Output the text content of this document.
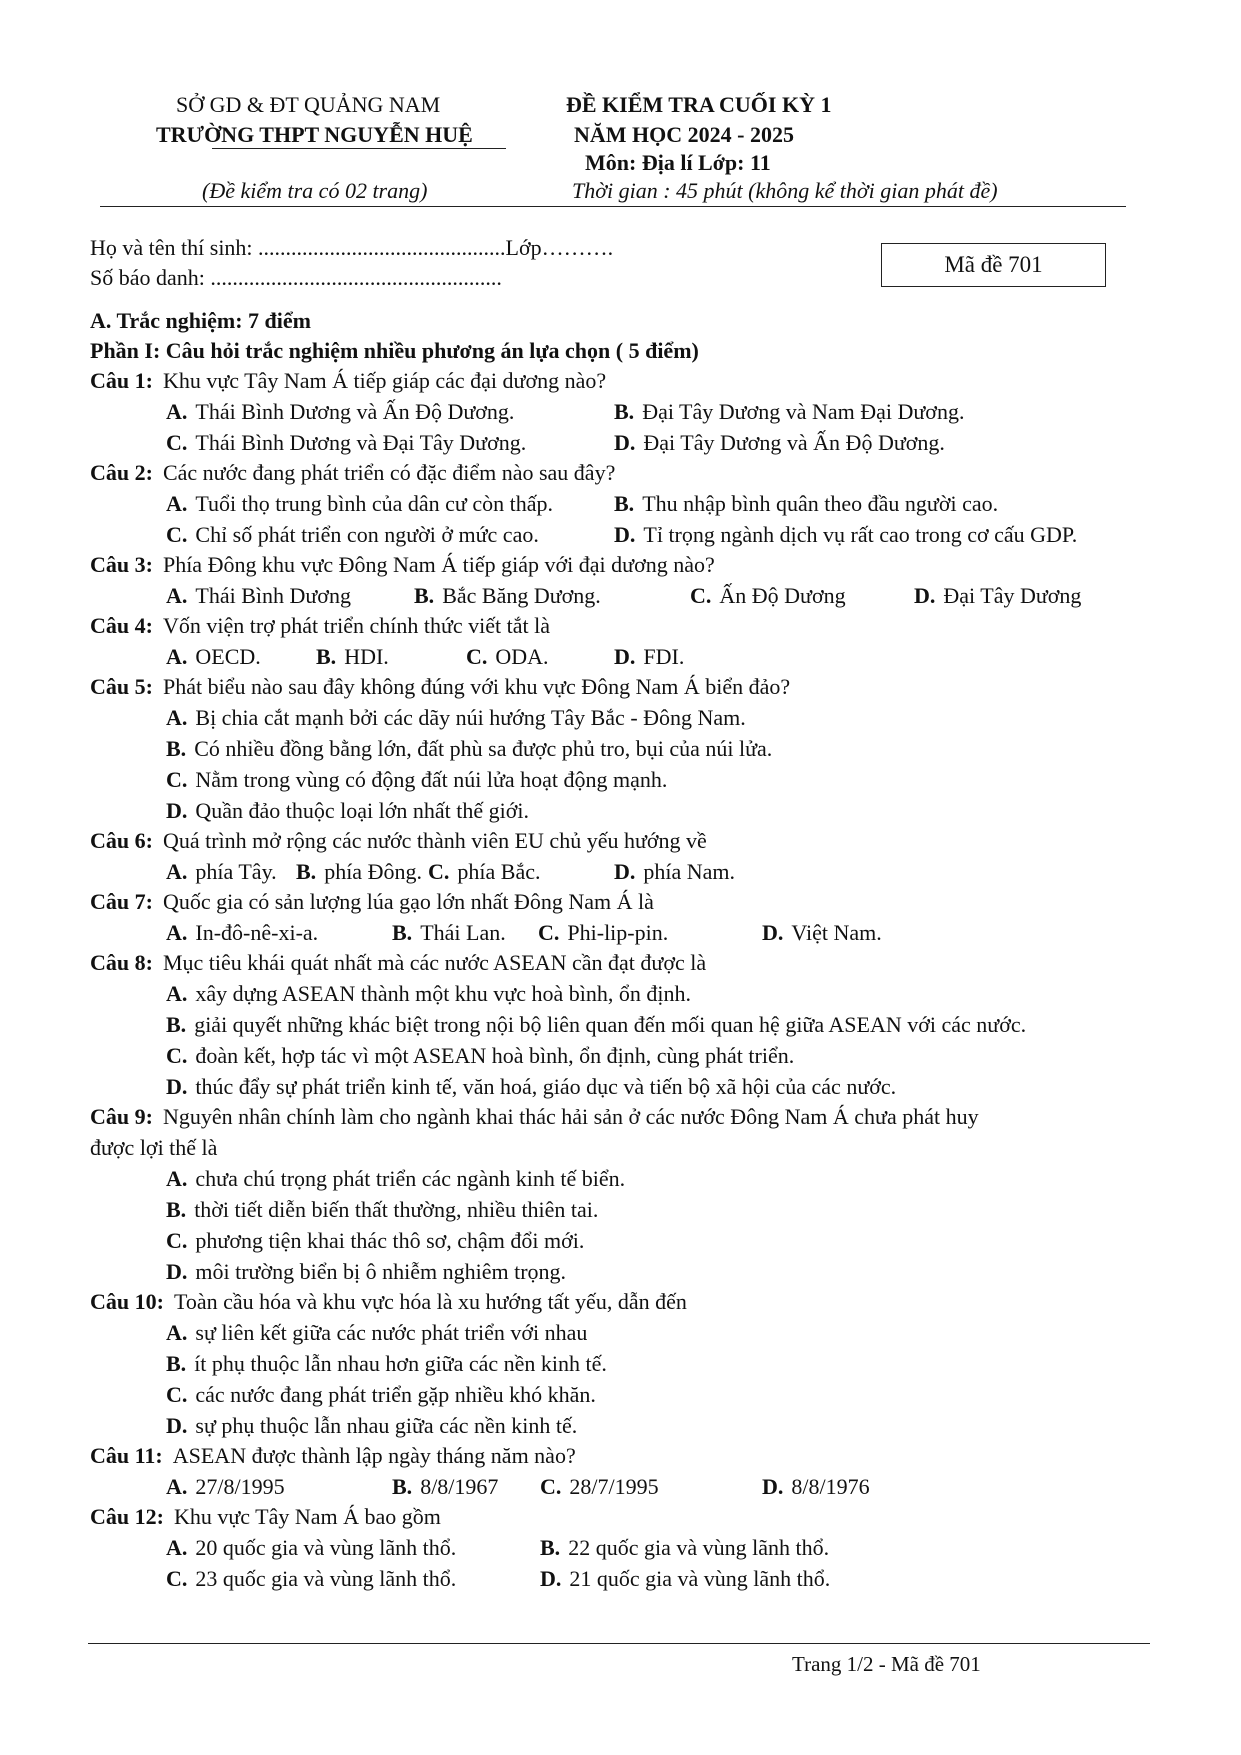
SỞ GD & ĐT QUẢNG NAM
TRƯỜNG THPT NGUYỄN HUỆ
(Đề kiểm tra có 02 trang)
ĐỀ KIỂM TRA CUỐI KỲ 1
NĂM HỌC 2024 - 2025
Môn: Địa lí Lớp: 11
Thời gian : 45 phút (không kể thời gian phát đề)
Họ và tên thí sinh: .............................................Lớp……….
Số báo danh: .....................................................
Mã đề 701
A. Trắc nghiệm: 7 điểm
Phần I: Câu hỏi trắc nghiệm nhiều phương án lựa chọn ( 5 điểm)
Câu 1: Khu vực Tây Nam Á tiếp giáp các đại dương nào?
A. Thái Bình Dương và Ấn Độ Dương.	B. Đại Tây Dương và Nam Đại Dương.
C. Thái Bình Dương và Đại Tây Dương.	D. Đại Tây Dương và Ấn Độ Dương.
Câu 2: Các nước đang phát triển có đặc điểm nào sau đây?
A. Tuổi thọ trung bình của dân cư còn thấp.	B. Thu nhập bình quân theo đầu người cao.
C. Chỉ số phát triển con người ở mức cao.	D. Tỉ trọng ngành dịch vụ rất cao trong cơ cấu GDP.
Câu 3: Phía Đông khu vực Đông Nam Á tiếp giáp với đại dương nào?
A. Thái Bình Dương	B. Bắc Băng Dương.	C. Ấn Độ Dương	D. Đại Tây Dương
Câu 4: Vốn viện trợ phát triển chính thức viết tắt là
A. OECD.	B. HDI.	C. ODA.	D. FDI.
Câu 5: Phát biểu nào sau đây không đúng với khu vực Đông Nam Á biển đảo?
A. Bị chia cắt mạnh bởi các dãy núi hướng Tây Bắc - Đông Nam.
B. Có nhiều đồng bằng lớn, đất phù sa được phủ tro, bụi của núi lửa.
C. Nằm trong vùng có động đất núi lửa hoạt động mạnh.
D. Quần đảo thuộc loại lớn nhất thế giới.
Câu 6: Quá trình mở rộng các nước thành viên EU chủ yếu hướng về
A. phía Tây. B. phía Đông. C. phía Bắc.	D. phía Nam.
Câu 7: Quốc gia có sản lượng lúa gạo lớn nhất Đông Nam Á là
A. In-đô-nê-xi-a.	B. Thái Lan. C. Phi-lip-pin.	D. Việt Nam.
Câu 8: Mục tiêu khái quát nhất mà các nước ASEAN cần đạt được là
A. xây dựng ASEAN thành một khu vực hoà bình, ổn định.
B. giải quyết những khác biệt trong nội bộ liên quan đến mối quan hệ giữa ASEAN với các nước.
C. đoàn kết, hợp tác vì một ASEAN hoà bình, ổn định, cùng phát triển.
D. thúc đẩy sự phát triển kinh tế, văn hoá, giáo dục và tiến bộ xã hội của các nước.
Câu 9: Nguyên nhân chính làm cho ngành khai thác hải sản ở các nước Đông Nam Á chưa phát huy
được lợi thế là
A. chưa chú trọng phát triển các ngành kinh tế biển.
B. thời tiết diễn biến thất thường, nhiều thiên tai.
C. phương tiện khai thác thô sơ, chậm đổi mới.
D. môi trường biển bị ô nhiễm nghiêm trọng.
Câu 10: Toàn cầu hóa và khu vực hóa là xu hướng tất yếu, dẫn đến
A. sự liên kết giữa các nước phát triển với nhau
B. ít phụ thuộc lẫn nhau hơn giữa các nền kinh tế.
C. các nước đang phát triển gặp nhiều khó khăn.
D. sự phụ thuộc lẫn nhau giữa các nền kinh tế.
Câu 11: ASEAN được thành lập ngày tháng năm nào?
A. 27/8/1995	B. 8/8/1967 C. 28/7/1995	D. 8/8/1976
Câu 12: Khu vực Tây Nam Á bao gồm
A. 20 quốc gia và vùng lãnh thổ.	B. 22 quốc gia và vùng lãnh thổ.
C. 23 quốc gia và vùng lãnh thổ.	D. 21 quốc gia và vùng lãnh thổ.
Trang 1/2 - Mã đề 701
